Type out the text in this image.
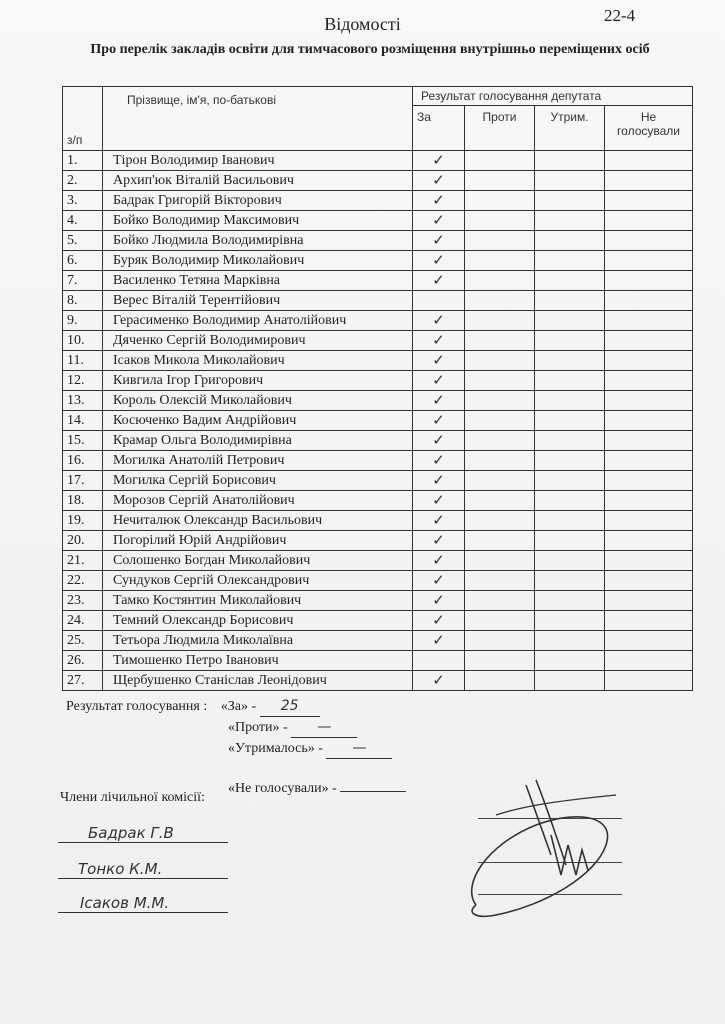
22-4
Відомості
Про перелік закладів освіти для тимчасового розміщення внутрішньо переміщених осіб
з/п	Прізвище, ім'я, по-батькові	Результат голосування депутата			
		За	Проти	Утрим.	Не голосували
1.	Тірон Володимир Іванович	✓			
2.	Архип'юк Віталій Васильович	✓			
3.	Бадрак Григорій Вікторович	✓			
4.	Бойко Володимир Максимович	✓			
5.	Бойко Людмила Володимирівна	✓			
6.	Буряк Володимир Миколайович	✓			
7.	Василенко Тетяна Марківна	✓			
8.	Верес Віталій Терентійович				
9.	Герасименко Володимир Анатолійович	✓			
10.	Дяченко Сергій Володимирович	✓			
11.	Ісаков Микола Миколайович	✓			
12.	Кивгила Ігор Григорович	✓			
13.	Король Олексій Миколайович	✓			
14.	Косюченко Вадим Андрійович	✓			
15.	Крамар Ольга Володимирівна	✓			
16.	Могилка Анатолій Петрович	✓			
17.	Могилка Сергій Борисович	✓			
18.	Морозов Сергій Анатолійович	✓			
19.	Нечиталюк Олександр Васильович	✓			
20.	Погорілий Юрій Андрійович	✓			
21.	Солошенко Богдан Миколайович	✓			
22.	Сундуков Сергій Олександрович	✓			
23.	Тамко Костянтин Миколайович	✓			
24.	Темний Олександр Борисович	✓			
25.	Тетьора Людмила Миколаївна	✓			
26.	Тимошенко Петро Іванович				
27.	Щербушенко Станіслав Леонідович	✓			
Результат голосування : «За» - 25
«Проти» - —
«Утрималось» - —
«Не голосували» -
Члени лічильної комісії:
Бадрак Г.В
Тонко К.М.
Ісаков М.М.
